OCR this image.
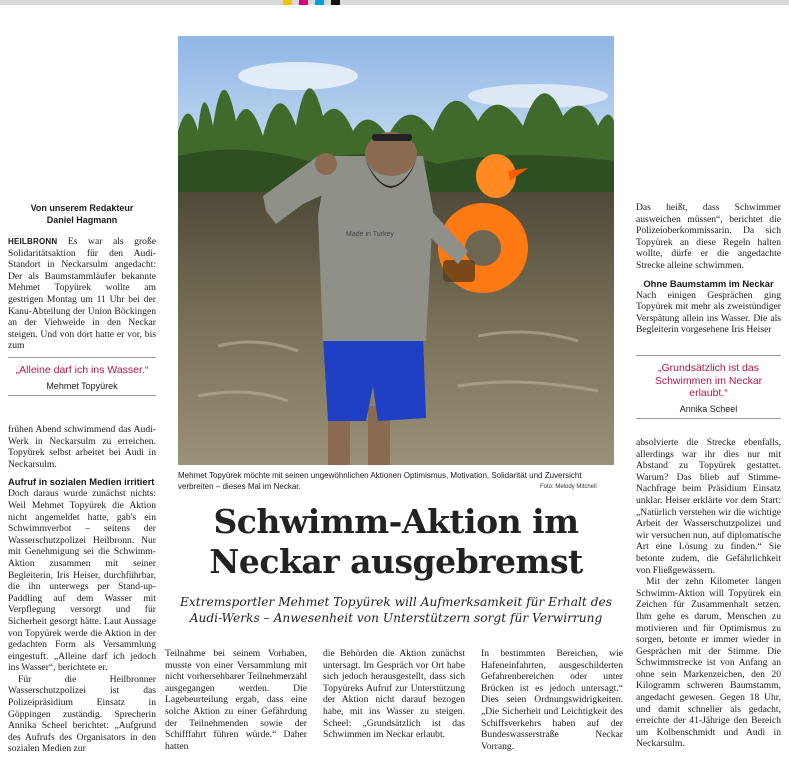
Von unserem Redakteur
Daniel Hagmann

HEILBRONN Es war als große Solidaritätsaktion für den Audi-Standort in Neckarsulm angedacht: Der als Baumstammläufer bekannte Mehmet Topyürek wollte am gestrigen Montag um 11 Uhr bei der Kanu-Abteilung der Union Böckingen an der Viehweide in den Neckar steigen. Und von dort hatte er vor, bis zum

„Alleine darf ich ins Wasser.“
Mehmet Topyürek

frühen Abend schwimmend das Audi-Werk in Neckarsulm zu erreichen. Topyürek selbst arbeitet bei Audi in Neckarsulm.

Aufruf in sozialen Medien irritiert

Doch daraus wurde zunächst nichts: Weil Mehmet Topyürek die Aktion nicht angemeldet hatte, gab's ein Schwimmverbot – seitens der Wasserschutzpolizei Heilbronn. Nur mit Genehmigung sei die Schwimm-Aktion zusammen mit seiner Begleiterin, Iris Heiser, durchführbar, die ihn unterwegs per Stand-up-Paddling auf dem Wasser mit Verpflegung versorgt und für Sicherheit gesorgt hätte. Laut Aussage von Topyürek werde die Aktion in der gedachten Form als Versammlung eingestuft. „Alleine darf ich jedoch ins Wasser“, berichtete er.

Für die Heilbronner Wasserschutzpolizei ist das Polizeipräsidium Einsatz in Göppingen zuständig. Sprecherin Annika Scheel berichtet: „Aufgrund des Aufrufs des Organisators in den sozialen Medien zur

Made in Turkey
Mehmet Topyürek möchte mit seinen ungewöhnlichen Aktionen Optimismus, Motivation, Solidarität und Zuversicht verbreiten – dieses Mal im Neckar.	Foto: Melody Mitchell
Schwimm-Aktion im Neckar ausgebremst
Extremsportler Mehmet Topyürek will Aufmerksamkeit für Erhalt des Audi-Werks – Anwesenheit von Unterstützern sorgt für Verwirrung

Teilnahme bei seinem Vorhaben, musste von einer Versammlung mit nicht vorhersehbarer Teilnehmerzahl ausgegangen werden. Die Lagebeurteilung ergab, dass eine solche Aktion zu einer Gefährdung der Teilnehmenden sowie der Schifffahrt führen würde.“ Daher hatten

die Behörden die Aktion zunächst untersagt. Im Gespräch vor Ort habe sich jedoch herausgestellt, dass sich Topyüreks Aufruf zur Unterstützung der Aktion nicht darauf bezogen habe, mit ins Wasser zu steigen. Scheel: „Grundsätzlich ist das Schwimmen im Neckar erlaubt.

In bestimmten Bereichen, wie Hafeneinfahrten, ausgeschilderten Gefahrenbereichen oder unter Brücken ist es jedoch untersagt.“ Dies seien Ordnungswidrigkeiten. „Die Sicherheit und Leichtigkeit des Schiffsverkehrs haben auf der Bundeswasserstraße Neckar Vorrang.

Das heißt, dass Schwimmer ausweichen müssen“, berichtet die Polizeioberkommissarin. Da sich Topyürek an diese Regeln halten wollte, dürfe er die angedachte Strecke alleine schwimmen.

Ohne Baumstamm im Neckar

Nach einigen Gesprächen ging Topyürek mit mehr als zweistündiger Verspätung allein ins Wasser. Die als Begleiterin vorgesehene Iris Heiser

„Grundsätzlich ist das Schwimmen im Neckar erlaubt.“
Annika Scheel

absolvierte die Strecke ebenfalls, allerdings war ihr dies nur mit Abstand zu Topyürek gestattet. Warum? Das blieb auf Stimme-Nachfrage beim Präsidium Einsatz unklar. Heiser erklärte vor dem Start: „Natürlich verstehen wir die wichtige Arbeit der Wasserschutzpolizei und wir versuchen nun, auf diplomatische Art eine Lösung zu finden.“ Sie betonte zudem, die Gefährlichkeit von Fließgewässern.

Mit der zehn Kilometer langen Schwimm-Aktion will Topyürek ein Zeichen für Zusammenhalt setzen. Ihm gehe es darum, Menschen zu motivieren und für Optimismus zu sorgen, betonte er immer wieder in Gesprächen mit der Stimme. Die Schwimmstrecke ist von Anfang an ohne sein Markenzeichen, den 20 Kilogramm schweren Baumstamm, angedacht gewesen. Gegen 18 Uhr, und damit schneller als gedacht, erreichte der 41-Jährige den Bereich um Kolbenschmidt und Audi in Neckarsulm.
